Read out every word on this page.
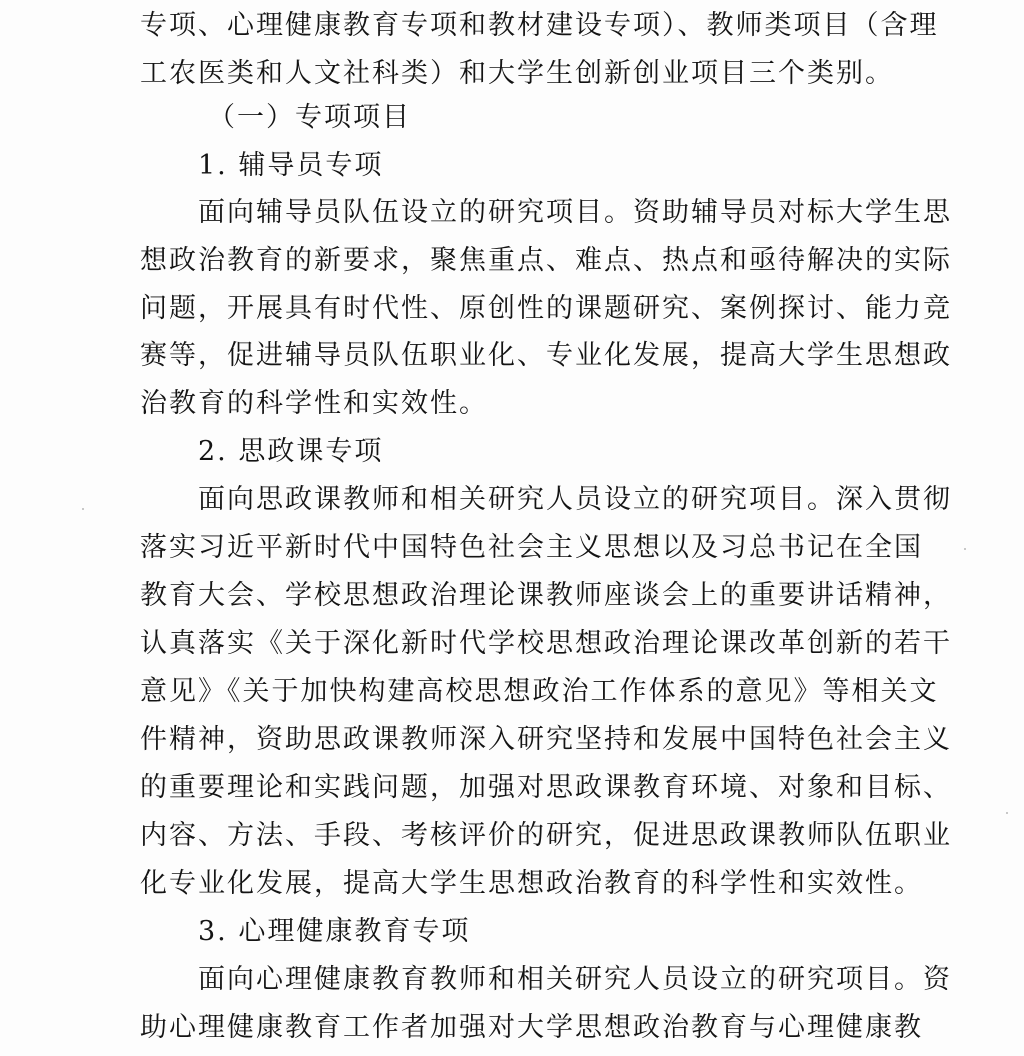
专项、心理健康教育专项和教材建设专项）、教师类项目（含理
工农医类和人文社科类）和大学生创新创业项目三个类别。
（一）专项项目
1. 辅导员专项
面向辅导员队伍设立的研究项目。资助辅导员对标大学生思
想政治教育的新要求，聚焦重点、难点、热点和亟待解决的实际
问题，开展具有时代性、原创性的课题研究、案例探讨、能力竞
赛等，促进辅导员队伍职业化、专业化发展，提高大学生思想政
治教育的科学性和实效性。
2. 思政课专项
面向思政课教师和相关研究人员设立的研究项目。深入贯彻
落实习近平新时代中国特色社会主义思想以及习总书记在全国
教育大会、学校思想政治理论课教师座谈会上的重要讲话精神，
认真落实《关于深化新时代学校思想政治理论课改革创新的若干
意见》《关于加快构建高校思想政治工作体系的意见》等相关文
件精神，资助思政课教师深入研究坚持和发展中国特色社会主义
的重要理论和实践问题，加强对思政课教育环境、对象和目标、
内容、方法、手段、考核评价的研究，促进思政课教师队伍职业
化专业化发展，提高大学生思想政治教育的科学性和实效性。
3. 心理健康教育专项
面向心理健康教育教师和相关研究人员设立的研究项目。资
助心理健康教育工作者加强对大学思想政治教育与心理健康教
